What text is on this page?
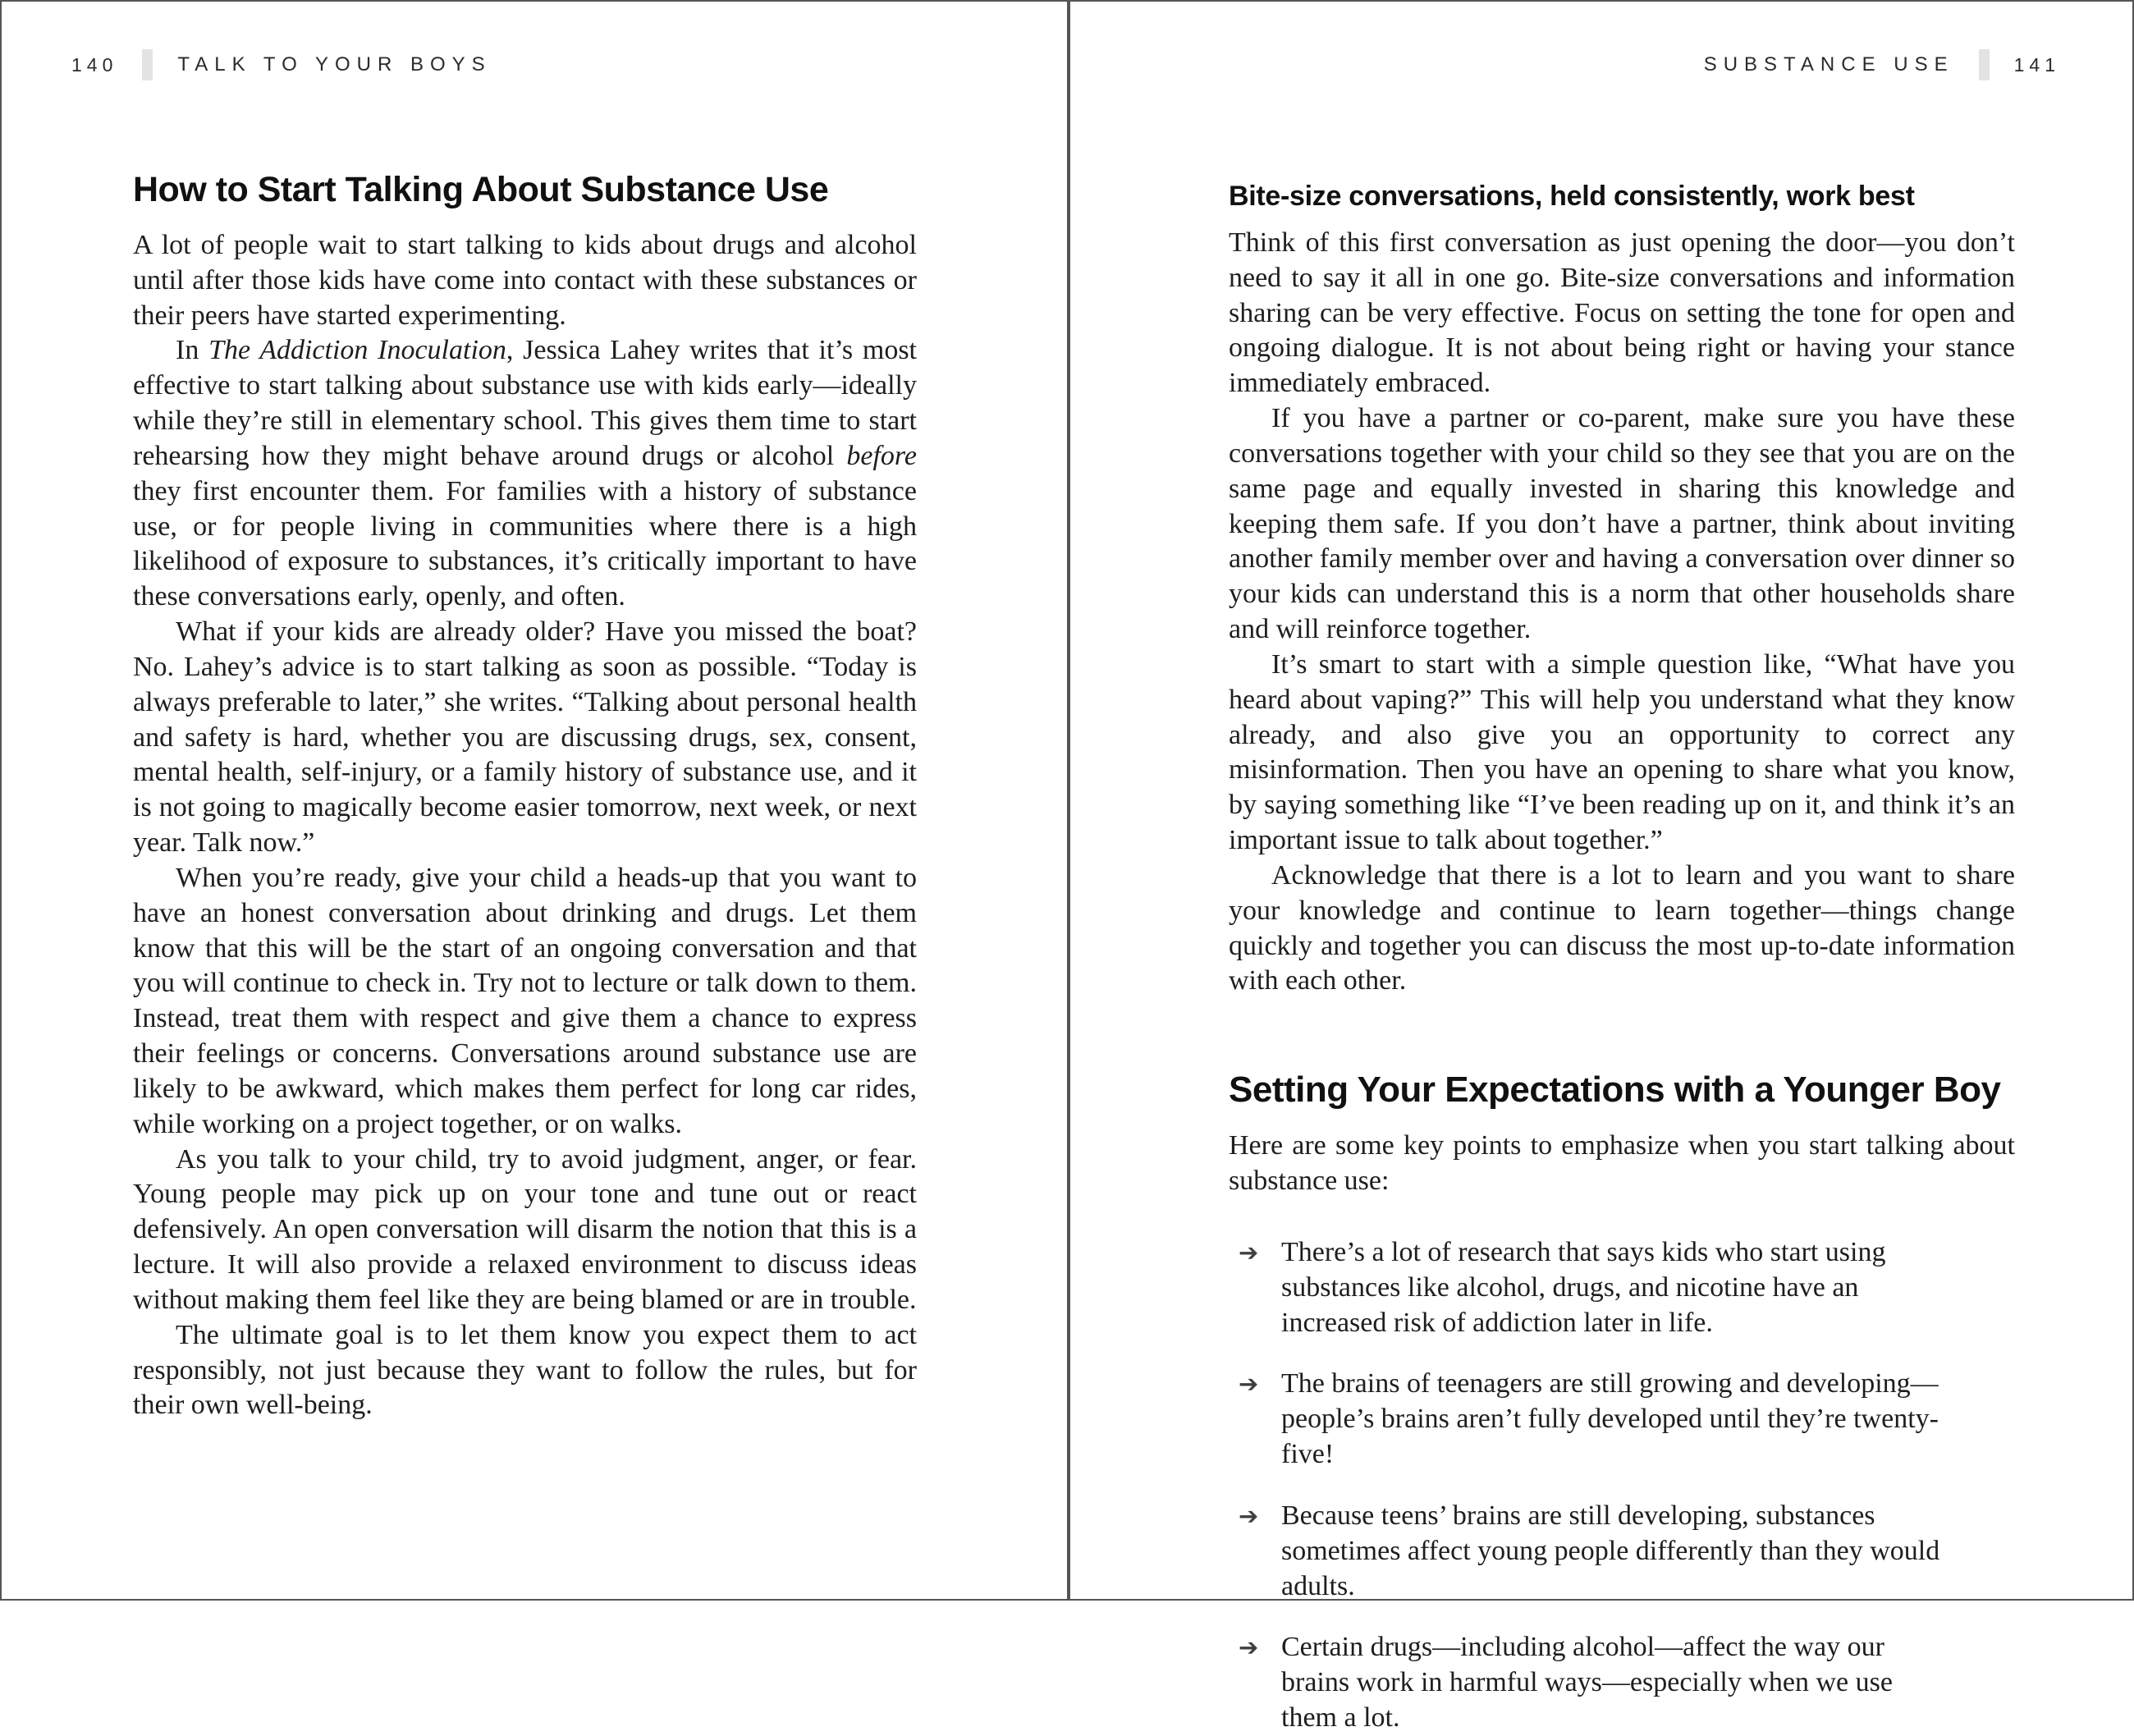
140	TALK TO YOUR BOYS	SUBSTANCE USE	141
How to Start Talking About Substance Use

A lot of people wait to start talking to kids about drugs and alcohol until after those kids have come into contact with these substances or their peers have started experimenting.

In The Addiction Inoculation, Jessica Lahey writes that it’s most effective to start talking about substance use with kids early—ideally while they’re still in elementary school. This gives them time to start rehearsing how they might behave around drugs or alcohol before they first encounter them. For families with a history of substance use, or for people living in communities where there is a high likelihood of exposure to substances, it’s critically important to have these conversations early, openly, and often.

What if your kids are already older? Have you missed the boat? No. Lahey’s advice is to start talking as soon as possible. “Today is always preferable to later,” she writes. “Talking about personal health and safety is hard, whether you are discussing drugs, sex, consent, mental health, self-injury, or a family history of substance use, and it is not going to magically become easier tomorrow, next week, or next year. Talk now.”

When you’re ready, give your child a heads-up that you want to have an honest conversation about drinking and drugs. Let them know that this will be the start of an ongoing conversation and that you will continue to check in. Try not to lecture or talk down to them. Instead, treat them with respect and give them a chance to express their feelings or concerns. Conversations around substance use are likely to be awkward, which makes them perfect for long car rides, while working on a project together, or on walks.

As you talk to your child, try to avoid judgment, anger, or fear. Young people may pick up on your tone and tune out or react defensively. An open conversation will disarm the notion that this is a lecture. It will also provide a relaxed environment to discuss ideas without making them feel like they are being blamed or are in trouble.

The ultimate goal is to let them know you expect them to act responsibly, not just because they want to follow the rules, but for their own well-being.

Bite-size conversations, held consistently, work best

Think of this first conversation as just opening the door—you don’t need to say it all in one go. Bite-size conversations and information sharing can be very effective. Focus on setting the tone for open and ongoing dialogue. It is not about being right or having your stance immediately embraced.

If you have a partner or co-parent, make sure you have these conversations together with your child so they see that you are on the same page and equally invested in sharing this knowledge and keeping them safe. If you don’t have a partner, think about inviting another family member over and having a conversation over dinner so your kids can understand this is a norm that other households share and will reinforce together.

It’s smart to start with a simple question like, “What have you heard about vaping?” This will help you understand what they know already, and also give you an opportunity to correct any misinformation. Then you have an opening to share what you know, by saying something like “I’ve been reading up on it, and think it’s an important issue to talk about together.”

Acknowledge that there is a lot to learn and you want to share your knowledge and continue to learn together—things change quickly and together you can discuss the most up-to-date information with each other.

Setting Your Expectations with a Younger Boy

Here are some key points to emphasize when you start talking about substance use:

➔ There’s a lot of research that says kids who start using substances like alcohol, drugs, and nicotine have an increased risk of addiction later in life.
➔ The brains of teenagers are still growing and developing—people’s brains aren’t fully developed until they’re twenty-five!
➔ Because teens’ brains are still developing, substances sometimes affect young people differently than they would adults.
➔ Certain drugs—including alcohol—affect the way our brains work in harmful ways—especially when we use them a lot.
